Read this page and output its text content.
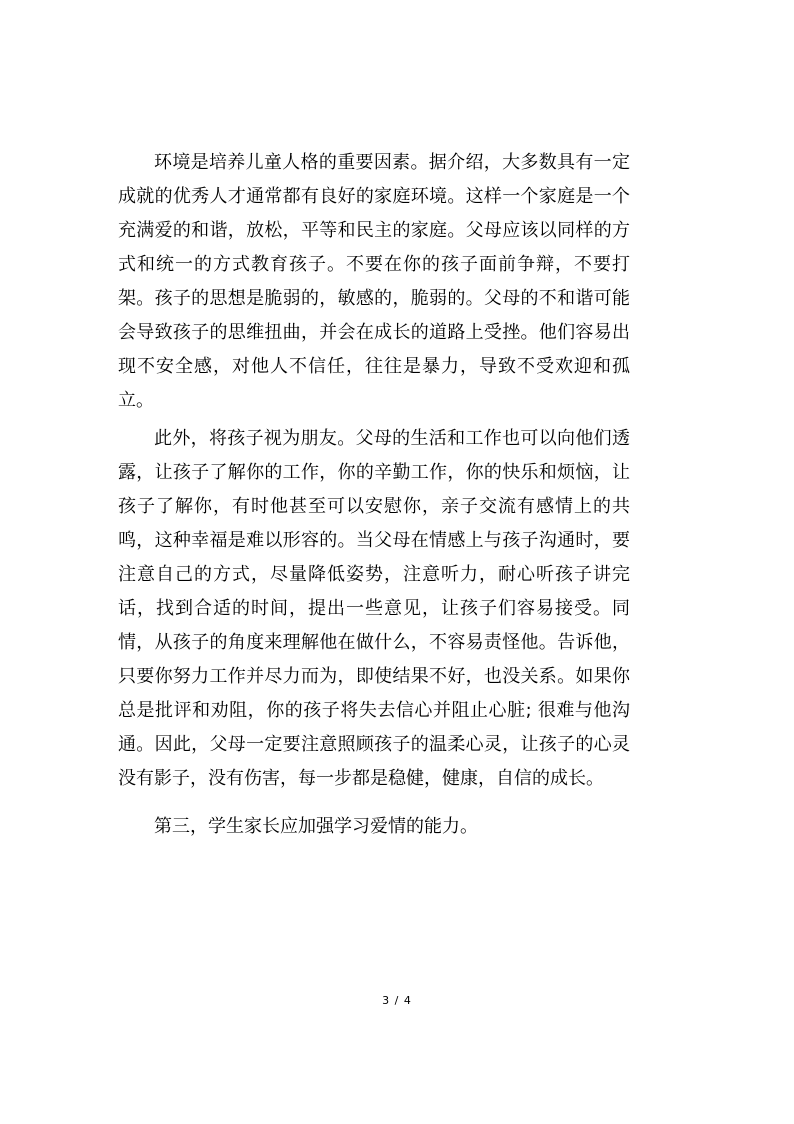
环境是培养儿童人格的重要因素。据介绍，大多数具有一定成就的优秀人才通常都有良好的家庭环境。这样一个家庭是一个充满爱的和谐，放松，平等和民主的家庭。父母应该以同样的方式和统一的方式教育孩子。不要在你的孩子面前争辩，不要打架。孩子的思想是脆弱的，敏感的，脆弱的。父母的不和谐可能会导致孩子的思维扭曲，并会在成长的道路上受挫。他们容易出现不安全感，对他人不信任，往往是暴力，导致不受欢迎和孤立。

此外，将孩子视为朋友。父母的生活和工作也可以向他们透露，让孩子了解你的工作，你的辛勤工作，你的快乐和烦恼，让孩子了解你，有时他甚至可以安慰你，亲子交流有感情上的共鸣，这种幸福是难以形容的。当父母在情感上与孩子沟通时，要注意自己的方式，尽量降低姿势，注意听力，耐心听孩子讲完话，找到合适的时间，提出一些意见，让孩子们容易接受。同情，从孩子的角度来理解他在做什么，不容易责怪他。告诉他，只要你努力工作并尽力而为，即使结果不好，也没关系。如果你总是批评和劝阻，你的孩子将失去信心并阻止心脏; 很难与他沟通。因此，父母一定要注意照顾孩子的温柔心灵，让孩子的心灵没有影子，没有伤害，每一步都是稳健，健康，自信的成长。

第三，学生家长应加强学习爱情的能力。

3 / 4
